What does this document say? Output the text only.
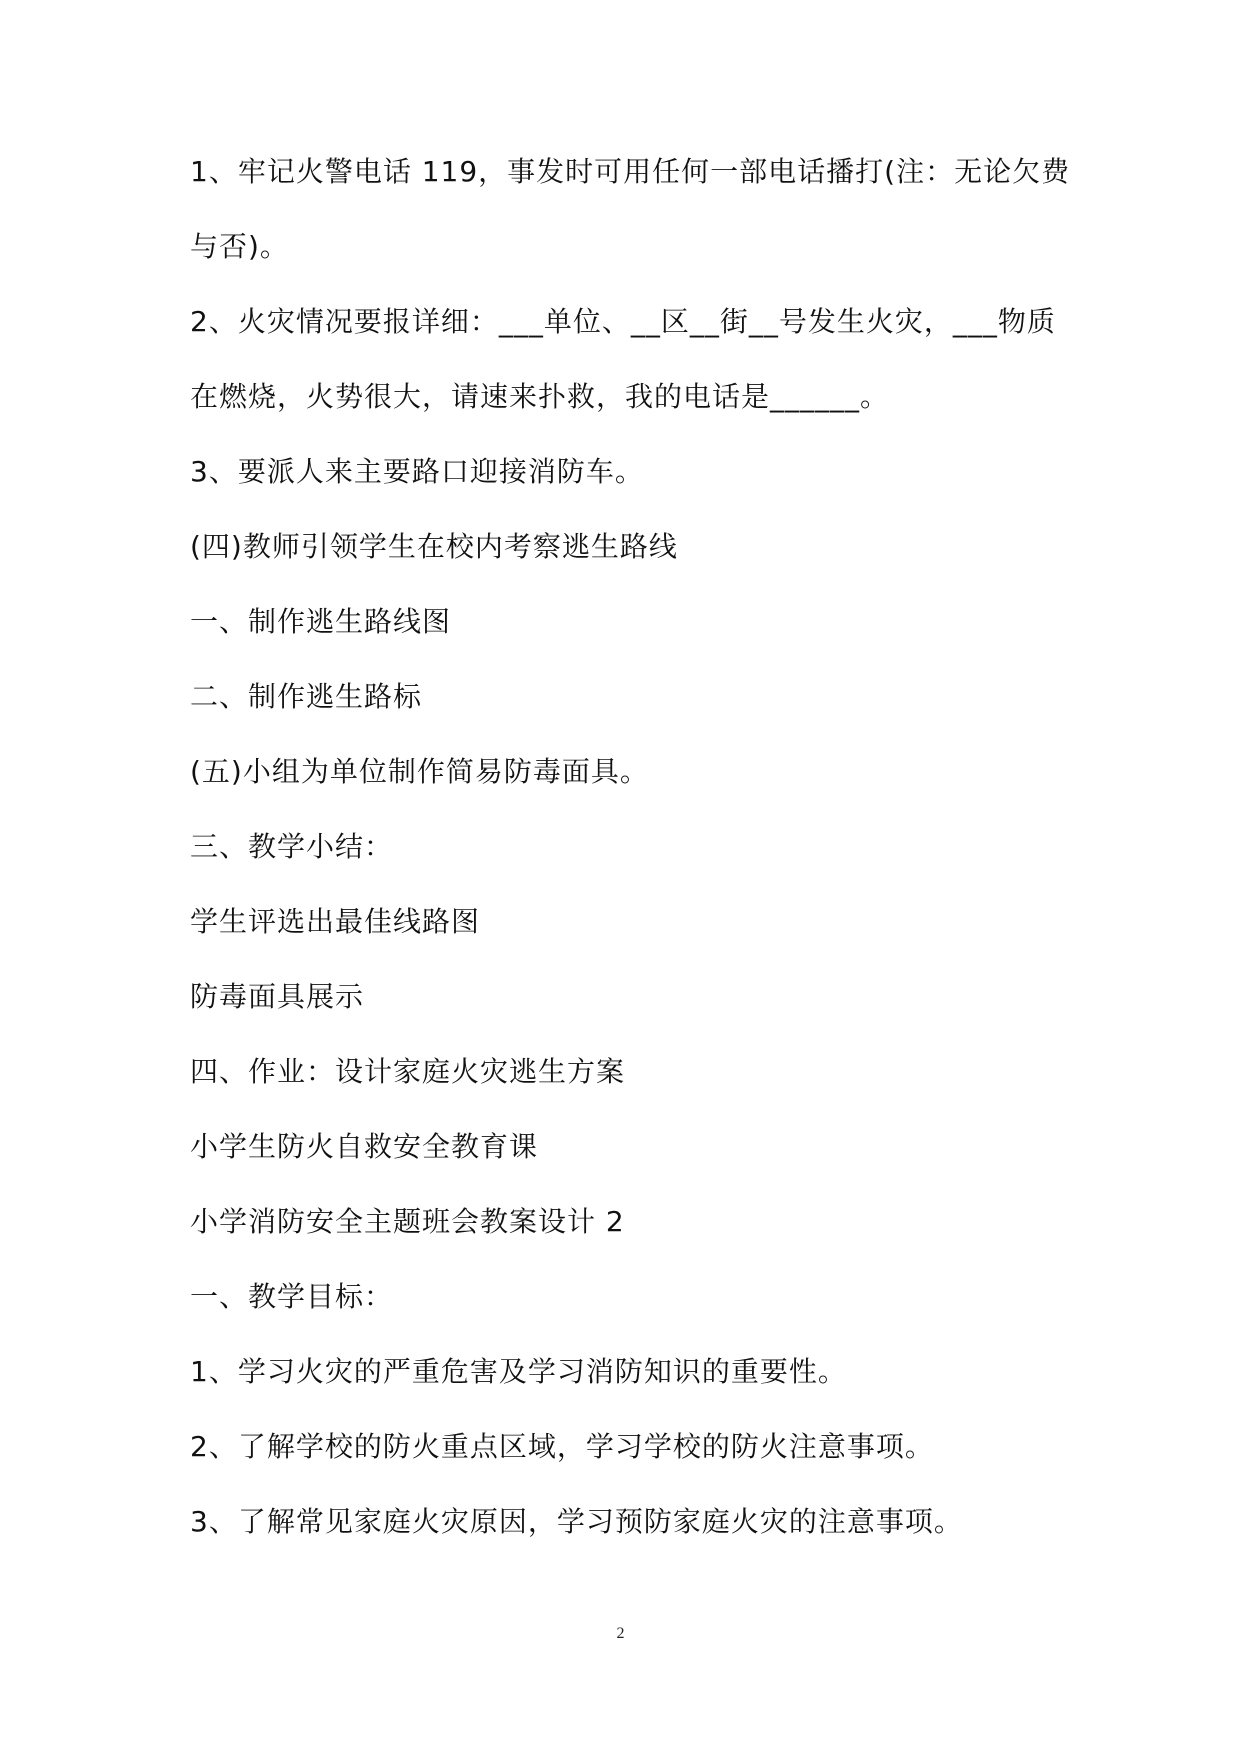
1、牢记火警电话 119，事发时可用任何一部电话播打(注：无论欠费
与否)。
2、火灾情况要报详细：___单位、__区__街__号发生火灾，___物质
在燃烧，火势很大，请速来扑救，我的电话是______。
3、要派人来主要路口迎接消防车。
(四)教师引领学生在校内考察逃生路线
一、制作逃生路线图
二、制作逃生路标
(五)小组为单位制作简易防毒面具。
三、教学小结：
学生评选出最佳线路图
防毒面具展示
四、作业：设计家庭火灾逃生方案
小学生防火自救安全教育课
小学消防安全主题班会教案设计 2
一、教学目标：
1、学习火灾的严重危害及学习消防知识的重要性。
2、了解学校的防火重点区域，学习学校的防火注意事项。
3、了解常见家庭火灾原因，学习预防家庭火灾的注意事项。
2
